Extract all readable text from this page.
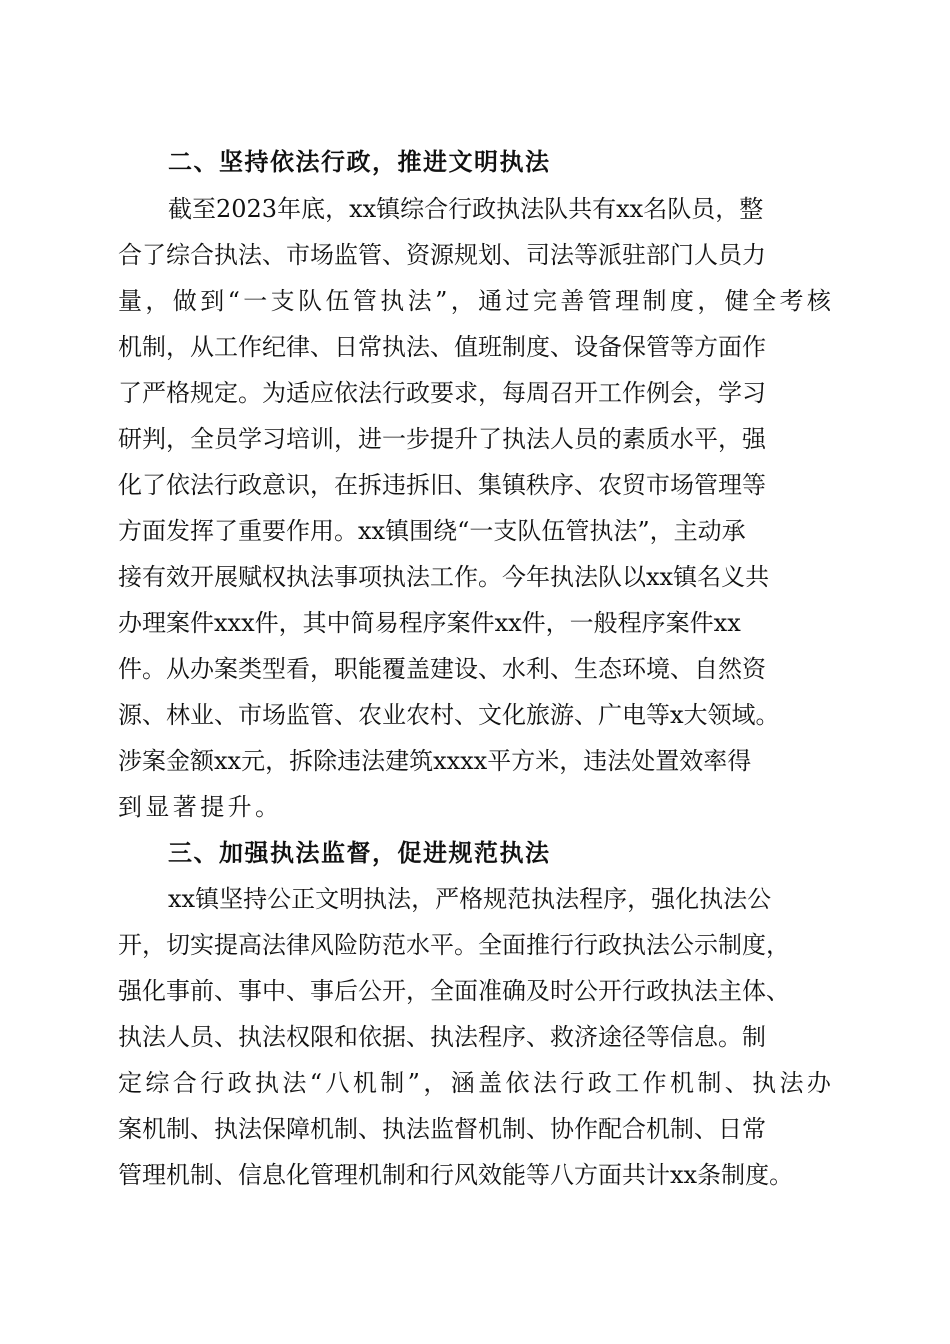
二、坚持依法行政，推进文明执法
截至2023年底，xx镇综合行政执法队共有xx名队员，整
合了综合执法、市场监管、资源规划、司法等派驻部门人员力
量，做到“一支队伍管执法”，通过完善管理制度，健全考核
机制，从工作纪律、日常执法、值班制度、设备保管等方面作
了严格规定。为适应依法行政要求，每周召开工作例会，学习
研判，全员学习培训，进一步提升了执法人员的素质水平，强
化了依法行政意识，在拆违拆旧、集镇秩序、农贸市场管理等
方面发挥了重要作用。xx镇围绕“一支队伍管执法”，主动承
接有效开展赋权执法事项执法工作。今年执法队以xx镇名义共
办理案件xxx件，其中简易程序案件xx件，一般程序案件xx
件。从办案类型看，职能覆盖建设、水利、生态环境、自然资
源、林业、市场监管、农业农村、文化旅游、广电等x大领域。
涉案金额xx元，拆除违法建筑xxxx平方米，违法处置效率得
到显著提升。
三、加强执法监督，促进规范执法
xx镇坚持公正文明执法，严格规范执法程序，强化执法公
开，切实提高法律风险防范水平。全面推行行政执法公示制度，
强化事前、事中、事后公开，全面准确及时公开行政执法主体、
执法人员、执法权限和依据、执法程序、救济途径等信息。制
定综合行政执法“八机制”，涵盖依法行政工作机制、执法办
案机制、执法保障机制、执法监督机制、协作配合机制、日常
管理机制、信息化管理机制和行风效能等八方面共计xx条制度。
